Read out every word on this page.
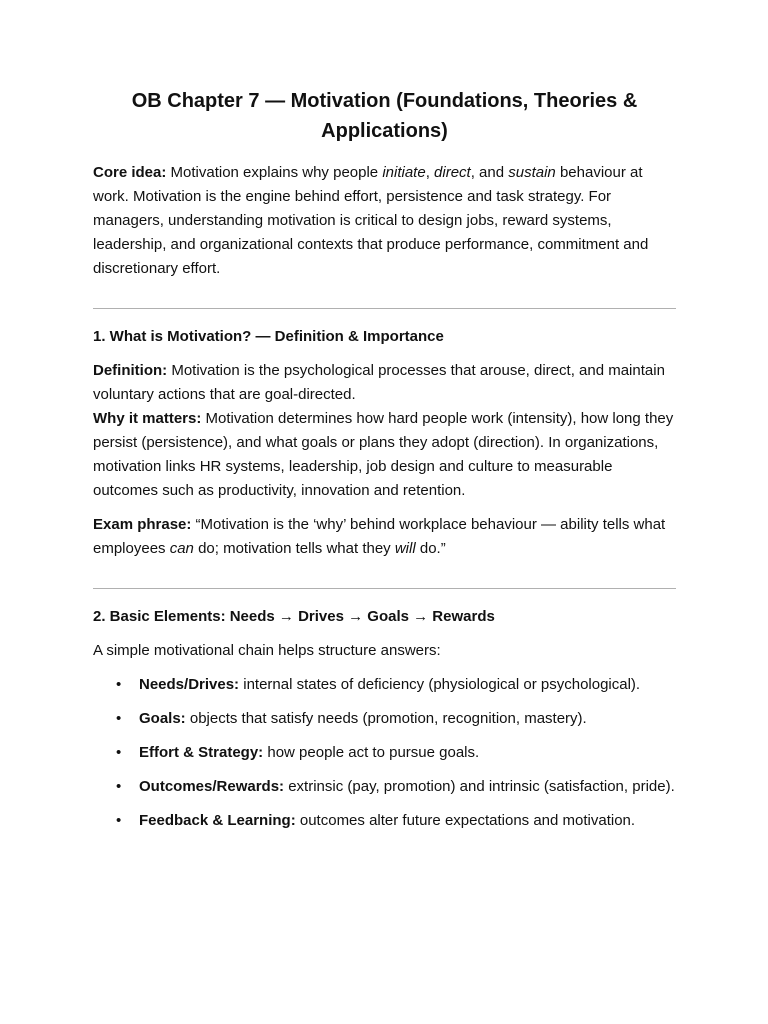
OB Chapter 7 — Motivation (Foundations, Theories & Applications)

Core idea: Motivation explains why people initiate, direct, and sustain behaviour at work. Motivation is the engine behind effort, persistence and task strategy. For managers, understanding motivation is critical to design jobs, reward systems, leadership, and organizational contexts that produce performance, commitment and discretionary effort.

1. What is Motivation? — Definition & Importance

Definition: Motivation is the psychological processes that arouse, direct, and maintain voluntary actions that are goal-directed.
Why it matters: Motivation determines how hard people work (intensity), how long they persist (persistence), and what goals or plans they adopt (direction). In organizations, motivation links HR systems, leadership, job design and culture to measurable outcomes such as productivity, innovation and retention.

Exam phrase: “Motivation is the ‘why’ behind workplace behaviour — ability tells what employees can do; motivation tells what they will do.”

2. Basic Elements: Needs → Drives → Goals → Rewards

A simple motivational chain helps structure answers:

• Needs/Drives: internal states of deficiency (physiological or psychological).
• Goals: objects that satisfy needs (promotion, recognition, mastery).
• Effort & Strategy: how people act to pursue goals.
• Outcomes/Rewards: extrinsic (pay, promotion) and intrinsic (satisfaction, pride).
• Feedback & Learning: outcomes alter future expectations and motivation.
